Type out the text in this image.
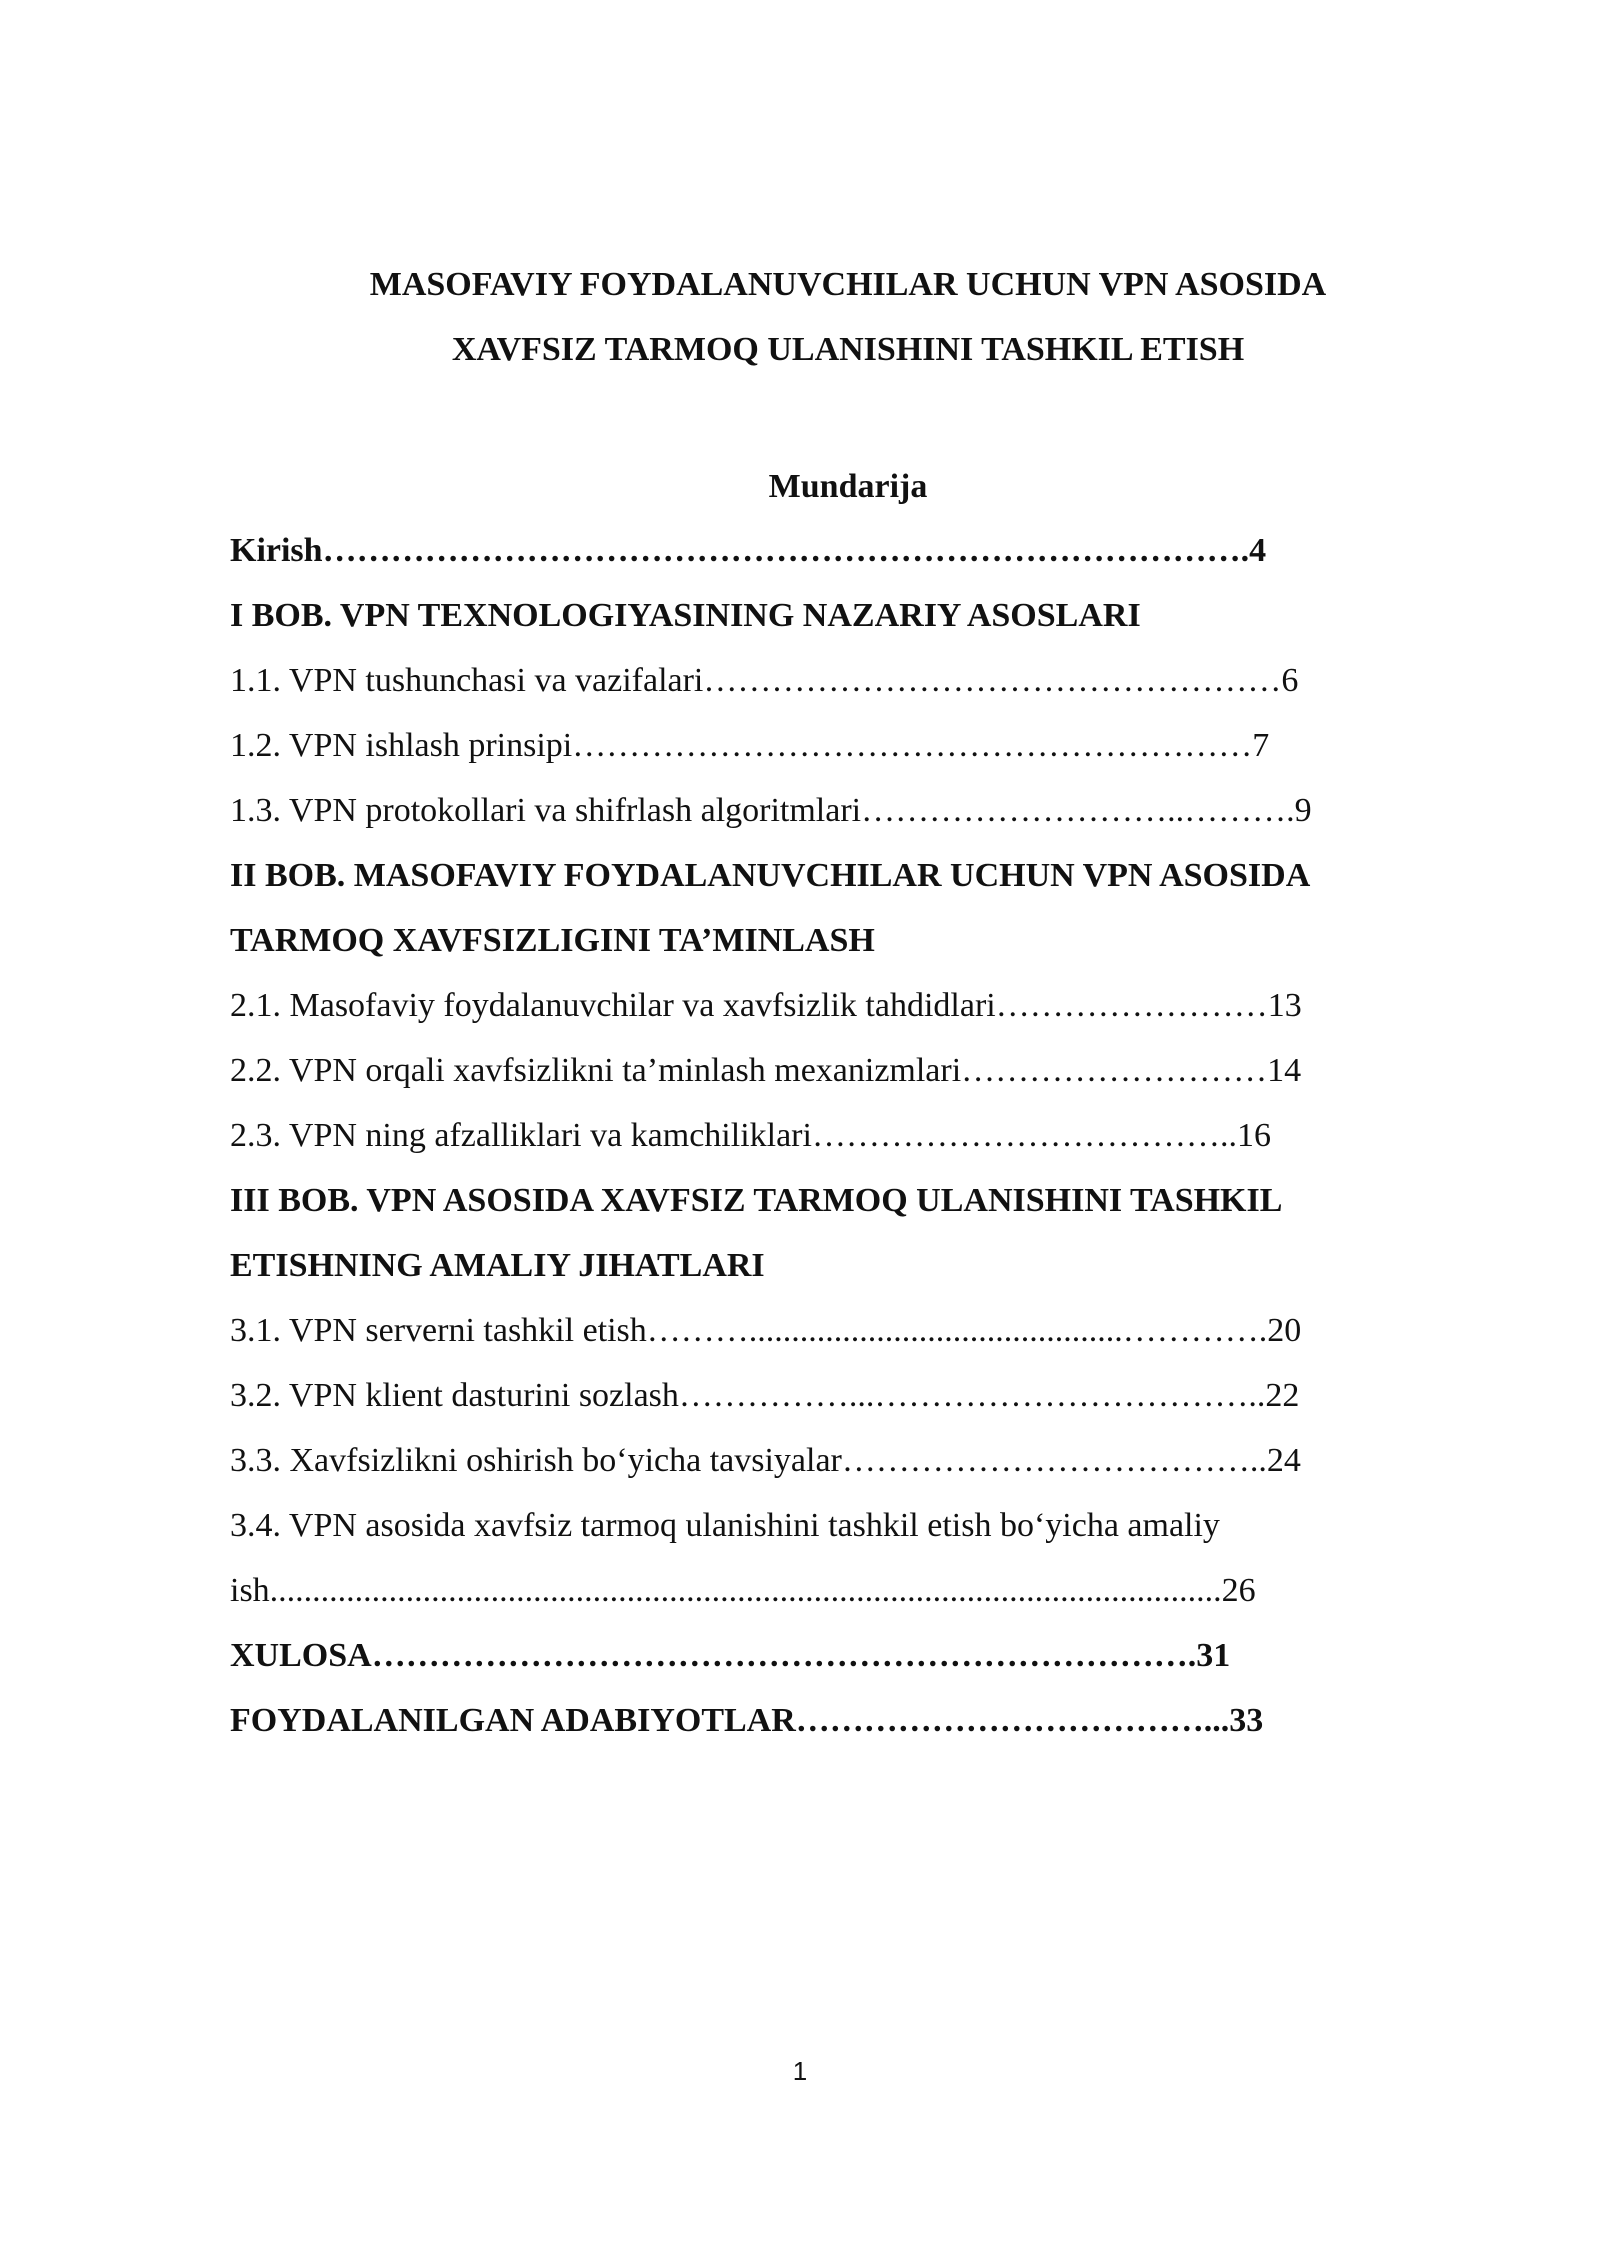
MASOFAVIY FOYDALANUVCHILAR UCHUN VPN ASOSIDA
XAVFSIZ TARMOQ ULANISHINI TASHKIL ETISH
Mundarija
Kirish……………………………………………………………………….4
I BOB. VPN TEXNOLOGIYASINING NAZARIY ASOSLARI
1.1. VPN tushunchasi va vazifalari……………………………………………6
1.2. VPN ishlash prinsipi……………………………………………………7
1.3. VPN protokollari va shifrlash algoritmlari………………………..……….9
II BOB. MASOFAVIY FOYDALANUVCHILAR UCHUN VPN ASOSIDA
TARMOQ XAVFSIZLIGINI TA’MINLASH
2.1. Masofaviy foydalanuvchilar va xavfsizlik tahdidlari……………………13
2.2. VPN orqali xavfsizlikni ta’minlash mexanizmlari………………………14
2.3. VPN ning afzalliklari va kamchiliklari………………………………..16
III BOB. VPN ASOSIDA XAVFSIZ TARMOQ ULANISHINI TASHKIL
ETISHNING AMALIY JIHATLARI
3.1. VPN serverni tashkil etish………............................................………….20
3.2. VPN klient dasturini sozlash……………...……………………………..22
3.3. Xavfsizlikni oshirish bo‘yicha tavsiyalar………………………………..24
3.4. VPN asosida xavfsiz tarmoq ulanishini tashkil etish bo‘yicha amaliy
ish................................................................................................................26
XULOSA……………………………………………………………….31
FOYDALANILGAN ADABIYOTLAR………………………………...33
1
